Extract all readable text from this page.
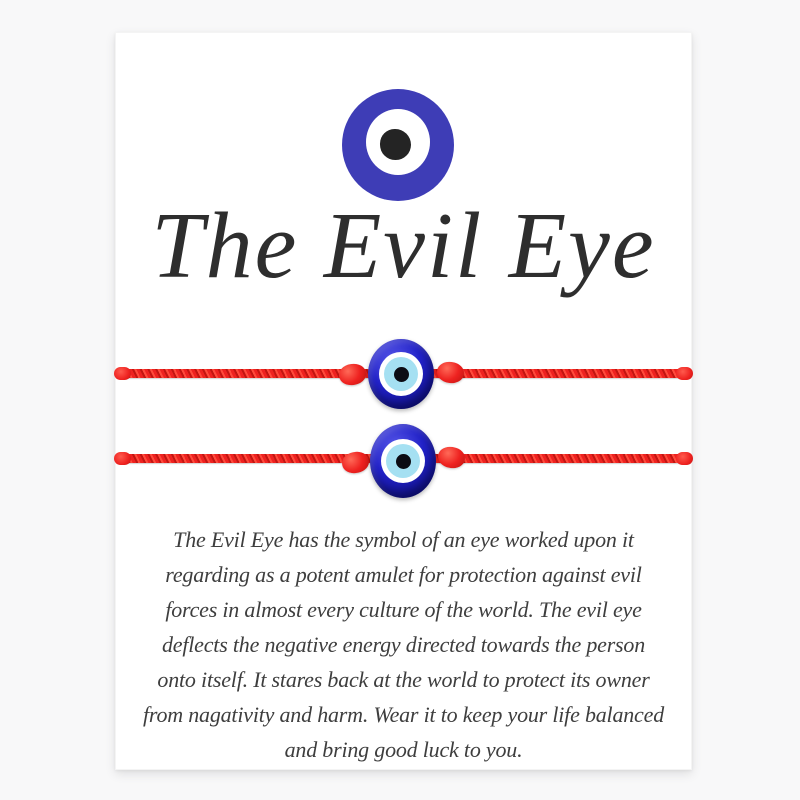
The Evil Eye
The Evil Eye has the symbol of an eye worked upon it
regarding as a potent amulet for protection against evil
forces in almost every culture of the world. The evil eye
deflects the negative energy directed towards the person
onto itself. It stares back at the world to protect its owner
from nagativity and harm. Wear it to keep your life balanced
and bring good luck to you.
